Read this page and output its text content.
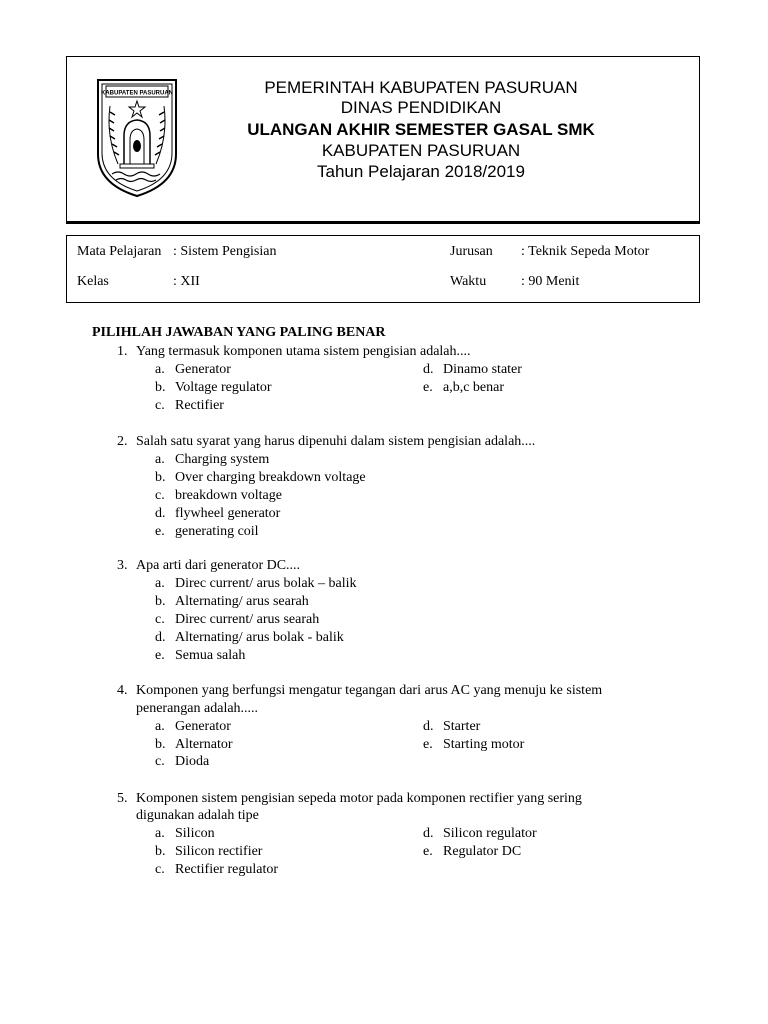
PEMERINTAH KABUPATEN PASURUAN
DINAS PENDIDIKAN
ULANGAN AKHIR SEMESTER GASAL SMK
KABUPATEN PASURUAN
Tahun Pelajaran 2018/2019
KABUPATEN PASURUAN
Mata Pelajaran : Sistem Pengisian	Jurusan : Teknik Sepeda Motor
Kelas	: XII	Waktu : 90 Menit
PILIHLAH JAWABAN YANG PALING BENAR
1. Yang termasuk komponen utama sistem pengisian adalah....
a. Generator
b. Voltage regulator
c. Rectifier
d. Dinamo stater
e. a,b,c benar
2. Salah satu syarat yang harus dipenuhi dalam sistem pengisian adalah....
a. Charging system
b. Over charging breakdown voltage
c. breakdown voltage
d. flywheel generator
e. generating coil
3. Apa arti dari generator DC....
a. Direc current/ arus bolak – balik
b. Alternating/ arus searah
c. Direc current/ arus searah
d. Alternating/ arus bolak - balik
e. Semua salah
4. Komponen yang berfungsi mengatur tegangan dari arus AC yang menuju ke sistem
penerangan adalah.....
a. Generator
b. Alternator
c. Dioda
d. Starter
e. Starting motor
5. Komponen sistem pengisian sepeda motor pada komponen rectifier yang sering
digunakan adalah tipe
a. Silicon
b. Silicon rectifier
c. Rectifier regulator
d. Silicon regulator
e. Regulator DC
